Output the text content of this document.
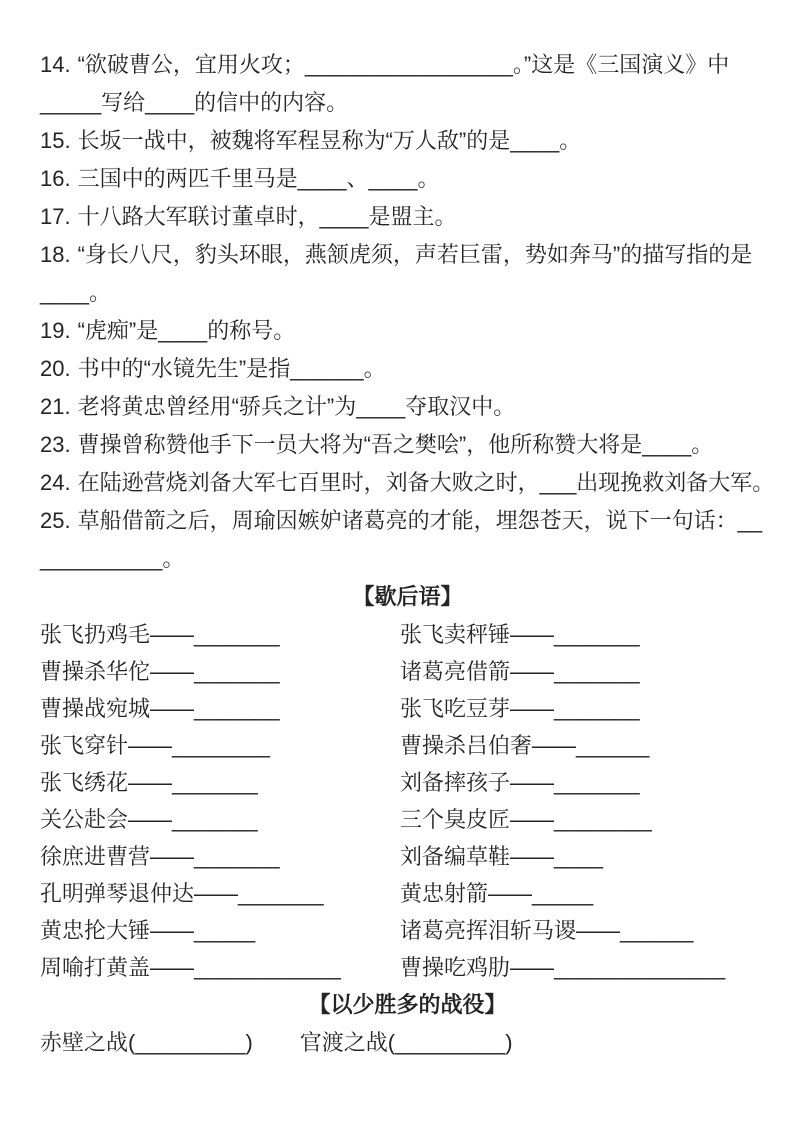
14. “欲破曹公，宜用火攻；_________________。”这是《三国演义》中_____写给____的信中的内容。

15. 长坂一战中，被魏将军程昱称为“万人敌”的是____。

16. 三国中的两匹千里马是____、____。

17. 十八路大军联讨董卓时，____是盟主。

18. “身长八尺，豹头环眼，燕颔虎须，声若巨雷，势如奔马”的描写指的是____。

19. “虎痴”是____的称号。

20. 书中的“水镜先生”是指______。

21. 老将黄忠曾经用“骄兵之计”为____夺取汉中。

23. 曹操曾称赞他手下一员大将为“吾之樊哙”，他所称赞大将是____。

24. 在陆逊营烧刘备大军七百里时，刘备大败之时，___出现挽救刘备大军。

25. 草船借箭之后，周瑜因嫉妒诸葛亮的才能，埋怨苍天，说下一句话：__​__________。

【歇后语】
张飞扔鸡毛——_______	张飞卖秤锤——_______
曹操杀华佗——_______	诸葛亮借箭——_______
曹操战宛城——_______	张飞吃豆芽——_______
张飞穿针——________	曹操杀吕伯奢——______
张飞绣花——_______	刘备摔孩子——_______
关公赴会——_______	三个臭皮匠——________
徐庶进曹营——_______	刘备编草鞋——____
孔明弹琴退仲达——_______	黄忠射箭——_____
黄忠抡大锤——_____	诸葛亮挥泪斩马谡——______
周喻打黄盖——____________	曹操吃鸡肋——______________
【以少胜多的战役】
赤壁之战(_________) 官渡之战(_________)
